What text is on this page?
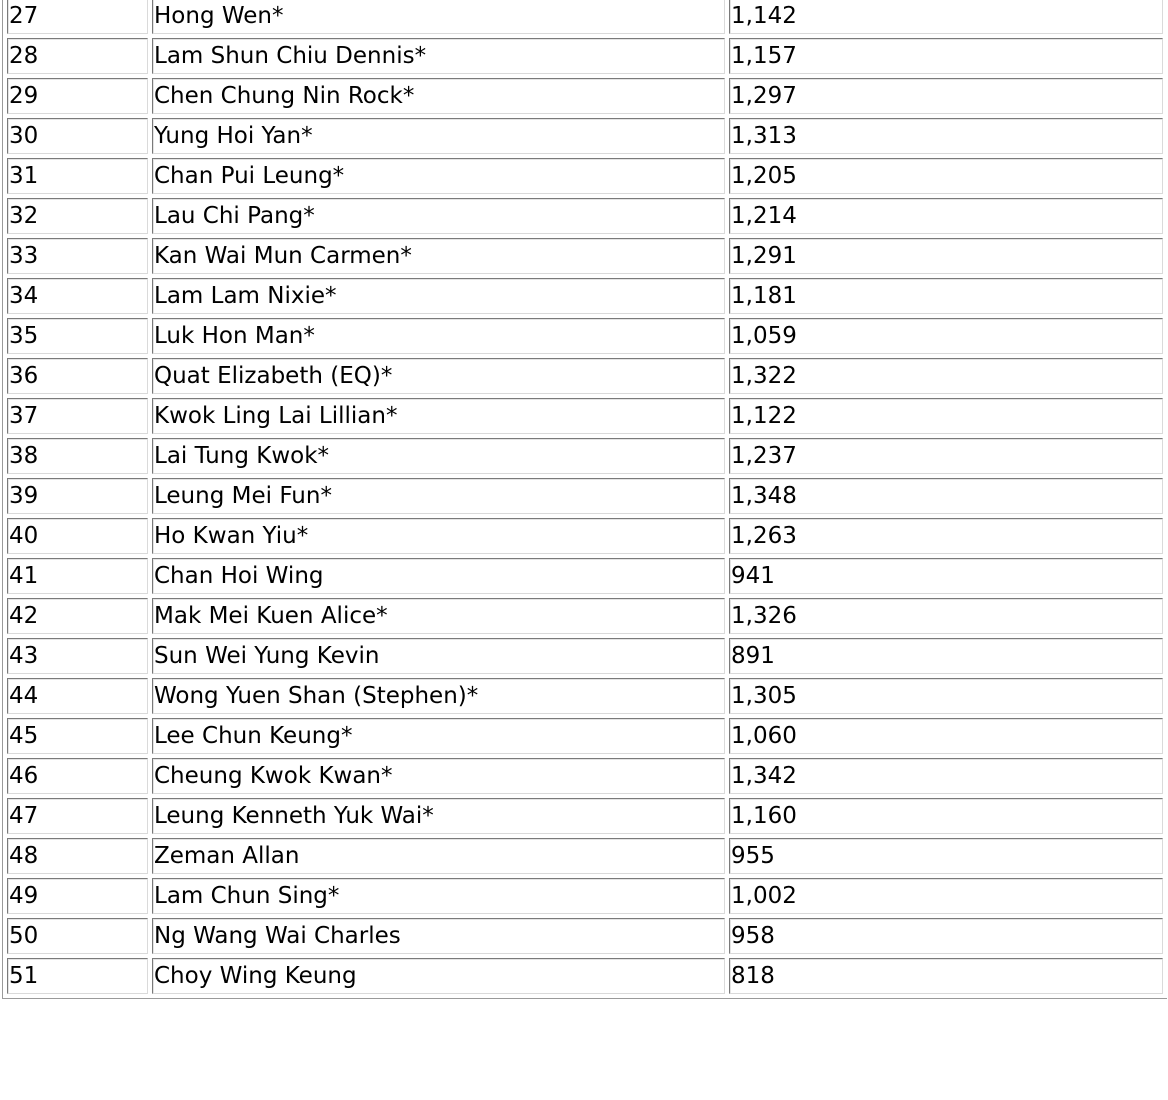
27	Hong Wen*	1,142
28	Lam Shun Chiu Dennis*	1,157
29	Chen Chung Nin Rock*	1,297
30	Yung Hoi Yan*	1,313
31	Chan Pui Leung*	1,205
32	Lau Chi Pang*	1,214
33	Kan Wai Mun Carmen*	1,291
34	Lam Lam Nixie*	1,181
35	Luk Hon Man*	1,059
36	Quat Elizabeth (EQ)*	1,322
37	Kwok Ling Lai Lillian*	1,122
38	Lai Tung Kwok*	1,237
39	Leung Mei Fun*	1,348
40	Ho Kwan Yiu*	1,263
41	Chan Hoi Wing	941
42	Mak Mei Kuen Alice*	1,326
43	Sun Wei Yung Kevin	891
44	Wong Yuen Shan (Stephen)*	1,305
45	Lee Chun Keung*	1,060
46	Cheung Kwok Kwan*	1,342
47	Leung Kenneth Yuk Wai*	1,160
48	Zeman Allan	955
49	Lam Chun Sing*	1,002
50	Ng Wang Wai Charles	958
51	Choy Wing Keung	818
